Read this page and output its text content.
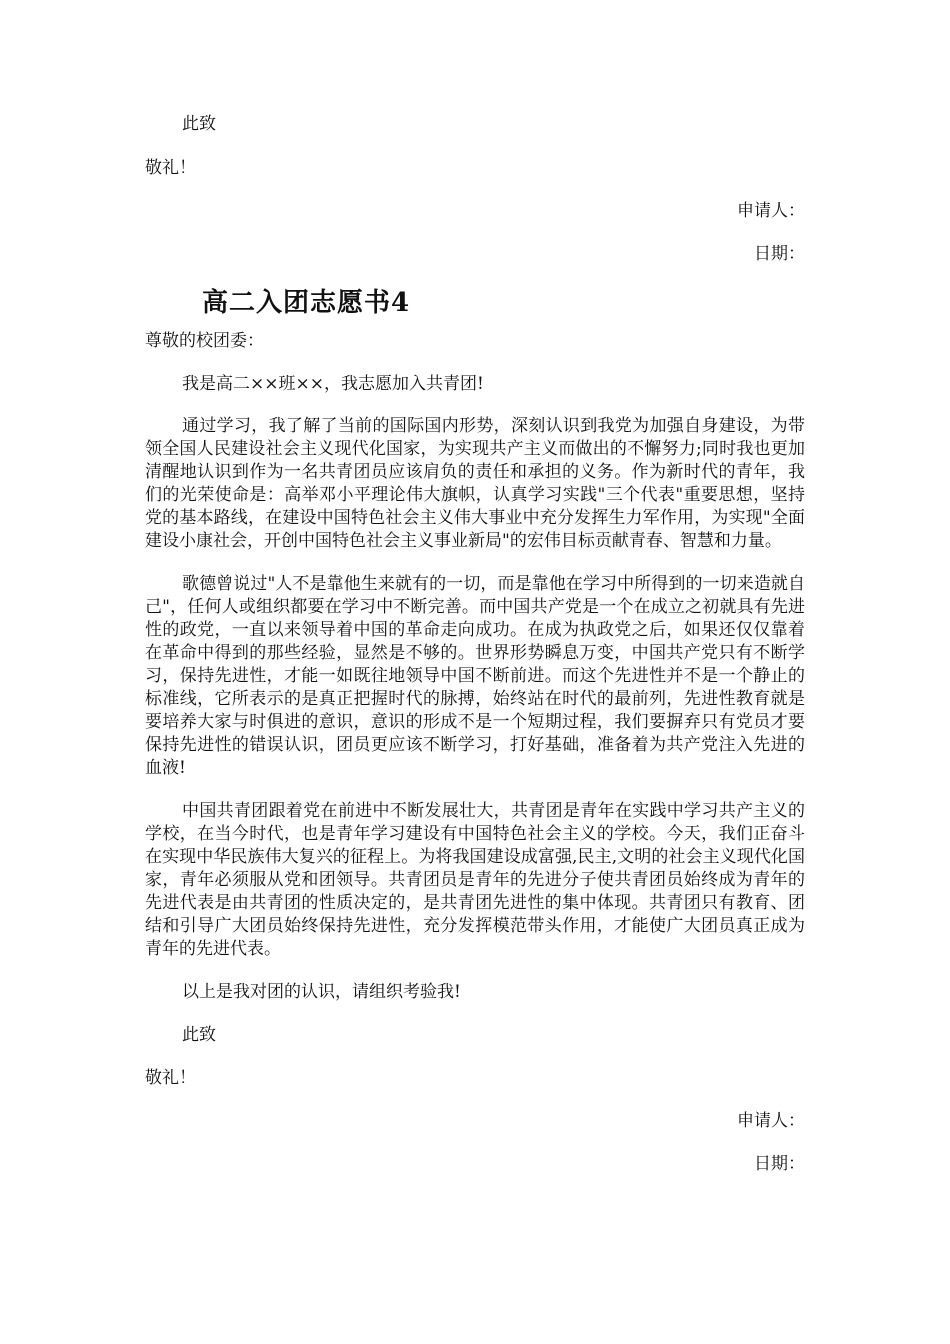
此致

敬礼！

申请人：

日期：

高二入团志愿书4

尊敬的校团委：

我是高二××班××，我志愿加入共青团!

通过学习，我了解了当前的国际国内形势，深刻认识到我党为加强自身建设，为带领全国人民建设社会主义现代化国家，为实现共产主义而做出的不懈努力;同时我也更加清醒地认识到作为一名共青团员应该肩负的责任和承担的义务。作为新时代的青年，我们的光荣使命是：高举邓小平理论伟大旗帜，认真学习实践"三个代表"重要思想，坚持党的基本路线，在建设中国特色社会主义伟大事业中充分发挥生力军作用，为实现"全面建设小康社会，开创中国特色社会主义事业新局"的宏伟目标贡献青春、智慧和力量。

歌德曾说过"人不是靠他生来就有的一切，而是靠他在学习中所得到的一切来造就自己"，任何人或组织都要在学习中不断完善。而中国共产党是一个在成立之初就具有先进性的政党，一直以来领导着中国的革命走向成功。在成为执政党之后，如果还仅仅靠着在革命中得到的那些经验，显然是不够的。世界形势瞬息万变，中国共产党只有不断学习，保持先进性，才能一如既往地领导中国不断前进。而这个先进性并不是一个静止的标准线，它所表示的是真正把握时代的脉搏，始终站在时代的最前列，先进性教育就是要培养大家与时俱进的意识，意识的形成不是一个短期过程，我们要摒弃只有党员才要保持先进性的错误认识，团员更应该不断学习，打好基础，准备着为共产党注入先进的血液!

中国共青团跟着党在前进中不断发展壮大，共青团是青年在实践中学习共产主义的学校，在当今时代，也是青年学习建设有中国特色社会主义的学校。今天，我们正奋斗在实现中华民族伟大复兴的征程上。为将我国建设成富强,民主,文明的社会主义现代化国家，青年必须服从党和团领导。共青团员是青年的先进分子使共青团员始终成为青年的先进代表是由共青团的性质决定的，是共青团先进性的集中体现。共青团只有教育、团结和引导广大团员始终保持先进性，充分发挥模范带头作用，才能使广大团员真正成为青年的先进代表。

以上是我对团的认识，请组织考验我!

此致

敬礼！

申请人：

日期：
